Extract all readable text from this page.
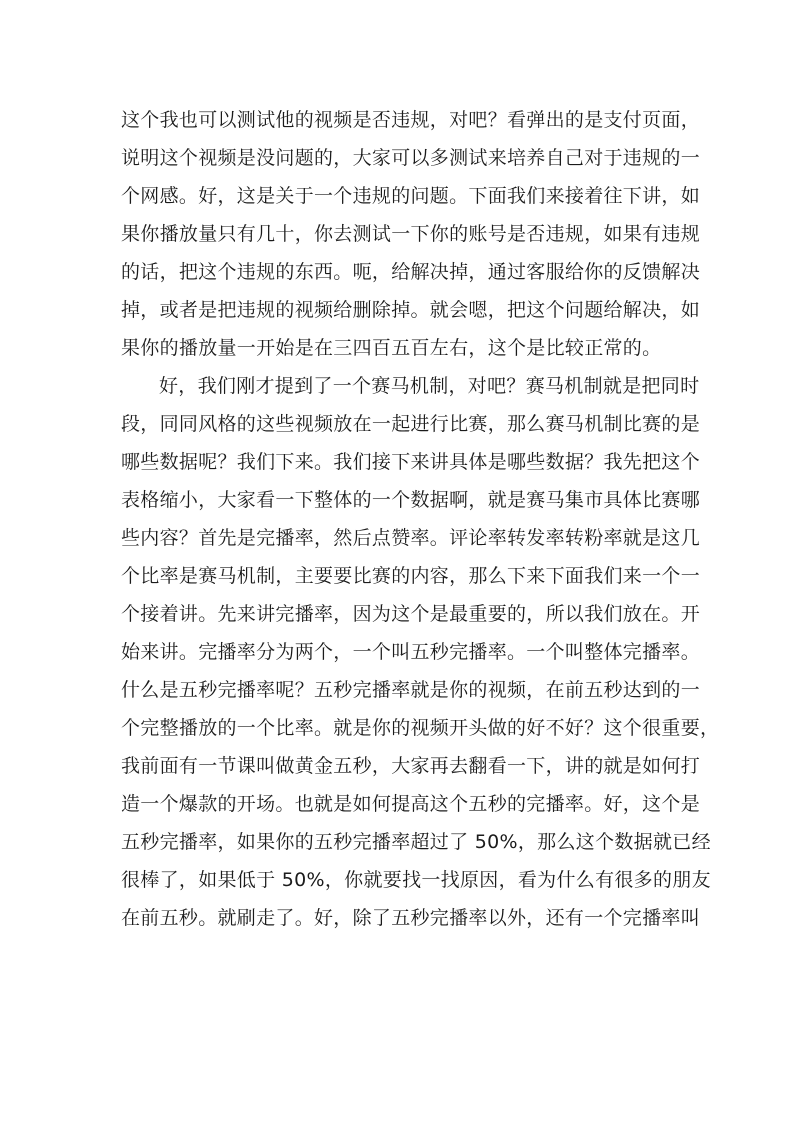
这个我也可以测试他的视频是否违规，对吧？看弹出的是支付页面，
说明这个视频是没问题的，大家可以多测试来培养自己对于违规的一
个网感。好，这是关于一个违规的问题。下面我们来接着往下讲，如
果你播放量只有几十，你去测试一下你的账号是否违规，如果有违规
的话，把这个违规的东西。呃，给解决掉，通过客服给你的反馈解决
掉，或者是把违规的视频给删除掉。就会嗯，把这个问题给解决，如
果你的播放量一开始是在三四百五百左右，这个是比较正常的。
好，我们刚才提到了一个赛马机制，对吧？赛马机制就是把同时
段，同同风格的这些视频放在一起进行比赛，那么赛马机制比赛的是
哪些数据呢？我们下来。我们接下来讲具体是哪些数据？我先把这个
表格缩小，大家看一下整体的一个数据啊，就是赛马集市具体比赛哪
些内容？首先是完播率，然后点赞率。评论率转发率转粉率就是这几
个比率是赛马机制，主要要比赛的内容，那么下来下面我们来一个一
个接着讲。先来讲完播率，因为这个是最重要的，所以我们放在。开
始来讲。完播率分为两个，一个叫五秒完播率。一个叫整体完播率。
什么是五秒完播率呢？五秒完播率就是你的视频，在前五秒达到的一
个完整播放的一个比率。就是你的视频开头做的好不好？这个很重要，
我前面有一节课叫做黄金五秒，大家再去翻看一下，讲的就是如何打
造一个爆款的开场。也就是如何提高这个五秒的完播率。好，这个是
五秒完播率，如果你的五秒完播率超过了 50%，那么这个数据就已经
很棒了，如果低于 50%，你就要找一找原因，看为什么有很多的朋友
在前五秒。就刷走了。好，除了五秒完播率以外，还有一个完播率叫
